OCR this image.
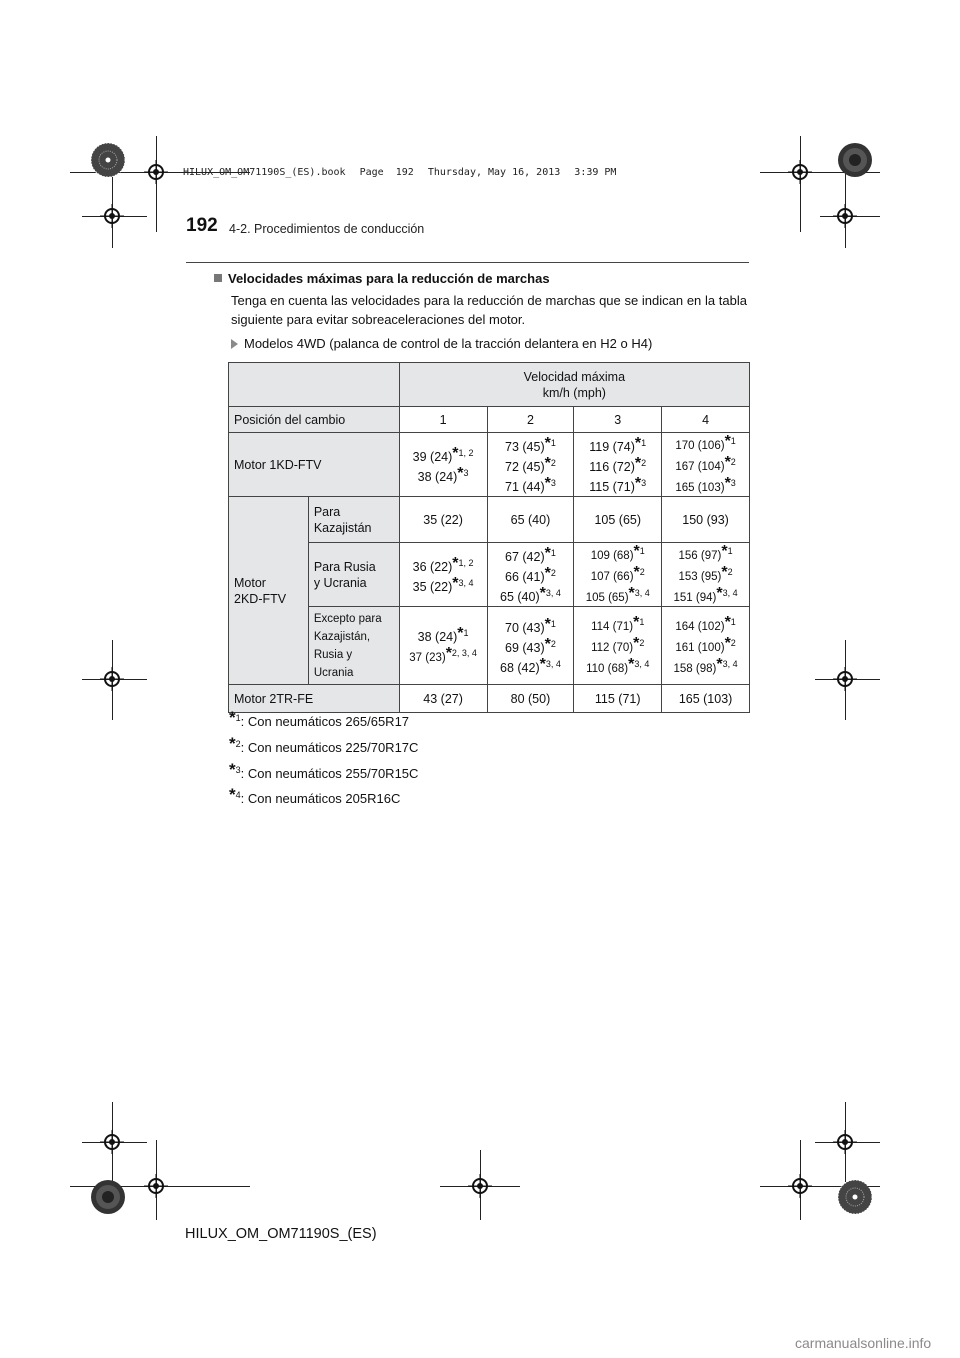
HILUX_OM_OM71190S_(ES).book Page 192 Thursday, May 16, 2013 3:39 PM
192 4-2. Procedimientos de conducción
Velocidades máximas para la reducción de marchas
Tenga en cuenta las velocidades para la reducción de marchas que se indican en la tabla siguiente para evitar sobreaceleraciones del motor.
Modelos 4WD (palanca de control de la tracción delantera en H2 o H4)

		Velocidad máxima
km/h (mph)			

Posición del cambio		1	2	3	4
Motor 1KD-FTV		39 (24)*$^{1, 2}$
38 (24)*$^3$	73 (45)*$^1$
72 (45)*$^2$
71 (44)*$^3$	119 (74)*$^1$
116 (72)*$^2$
115 (71)*$^3$	170 (106)*$^1$
167 (104)*$^2$
165 (103)*$^3$

Motor
2KD-FTV	Para
Kazajistán	35 (22)	65 (40)	105 (65)	150 (93)

	Para Rusia
y Ucrania	36 (22)*$^{1, 2}$
35 (22)*$^{3, 4}$	67 (42)*$^1$
66 (41)*$^2$
65 (40)*$^{3, 4}$	109 (68)*$^1$
107 (66)*$^2$
105 (65)*$^{3, 4}$	156 (97)*$^1$
153 (95)*$^2$
151 (94)*$^{3, 4}$

	Excepto para
Kazajistán,
Rusia y
Ucrania	38 (24)*$^1$
37 (23)*$^{2, 3, 4}$	70 (43)*$^1$
69 (43)*$^2$
68 (42)*$^{3, 4}$	114 (71)*$^1$
112 (70)*$^2$
110 (68)*$^{3, 4}$	164 (102)*$^1$
161 (100)*$^2$
158 (98)*$^{3, 4}$

Motor 2TR-FE		43 (27)	80 (50)	115 (71)	165 (103)
*$^1$: Con neumáticos 265/65R17
*$^2$: Con neumáticos 225/70R17C
*$^3$: Con neumáticos 255/70R15C
*$^4$: Con neumáticos 205R16C
HILUX_OM_OM71190S_(ES)
carmanualsonline.info
